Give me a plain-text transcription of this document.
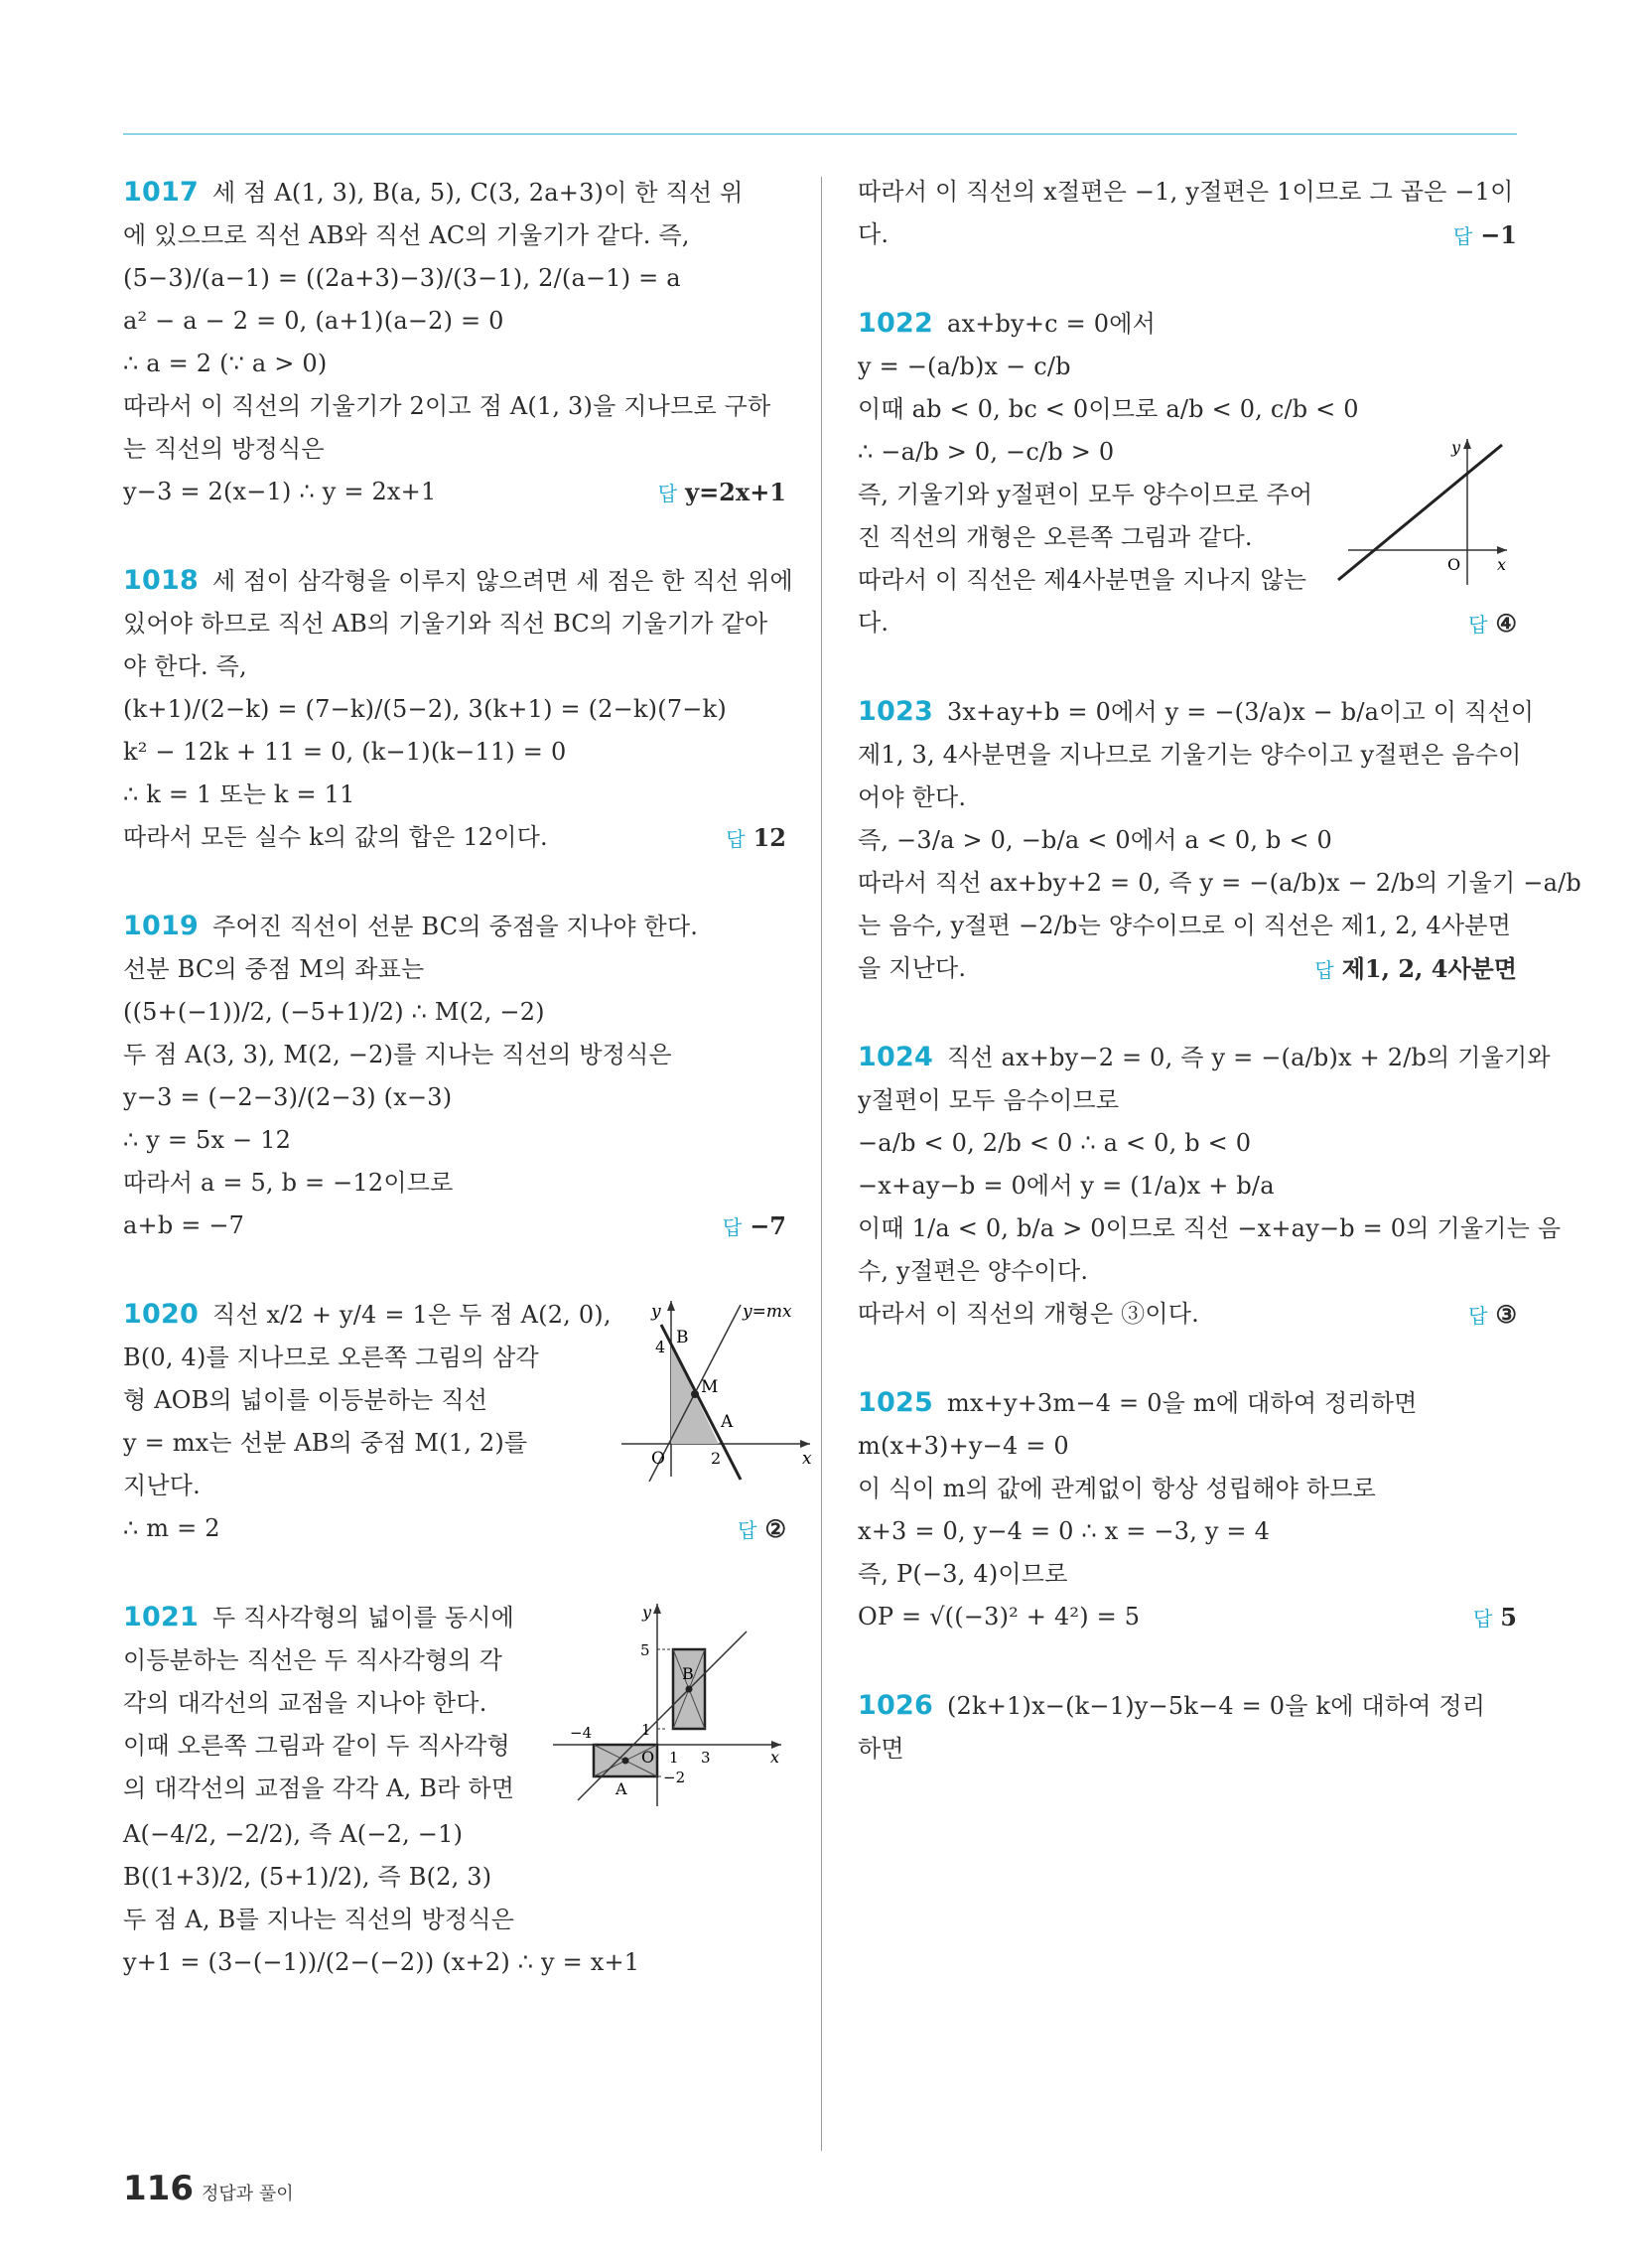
1017 세 점 A(1, 3), B(a, 5), C(3, 2a+3)이 한 직선 위
에 있으므로 직선 AB와 직선 AC의 기울기가 같다. 즉,
(5−3)/(a−1) = ((2a+3)−3)/(3−1), 2/(a−1) = a
a² − a − 2 = 0, (a+1)(a−2) = 0
∴ a = 2 (∵ a > 0)
따라서 이 직선의 기울기가 2이고 점 A(1, 3)을 지나므로 구하
는 직선의 방정식은
y−3 = 2(x−1) ∴ y = 2x+1	답 y=2x+1
1018 세 점이 삼각형을 이루지 않으려면 세 점은 한 직선 위에
있어야 하므로 직선 AB의 기울기와 직선 BC의 기울기가 같아
야 한다. 즉,
(k+1)/(2−k) = (7−k)/(5−2), 3(k+1) = (2−k)(7−k)
k² − 12k + 11 = 0, (k−1)(k−11) = 0
∴ k = 1 또는 k = 11
따라서 모든 실수 k의 값의 합은 12이다.	답 12
1019 주어진 직선이 선분 BC의 중점을 지나야 한다.
선분 BC의 중점 M의 좌표는
((5+(−1))/2, (−5+1)/2) ∴ M(2, −2)
두 점 A(3, 3), M(2, −2)를 지나는 직선의 방정식은
y−3 = (−2−3)/(2−3) (x−3)
∴ y = 5x − 12
따라서 a = 5, b = −12이므로
a+b = −7	답 −7
1020 직선 x/2 + y/4 = 1은 두 점 A(2, 0),
B(0, 4)를 지나므로 오른쪽 그림의 삼각
형 AOB의 넓이를 이등분하는 직선
y = mx는 선분 AB의 중점 M(1, 2)를
지난다.
y	y=mx
B
4
M
A
O	2	x
∴ m = 2	답 ②
1021 두 직사각형의 넓이를 동시에
이등분하는 직선은 두 직사각형의 각
각의 대각선의 교점을 지나야 한다.
이때 오른쪽 그림과 같이 두 직사각형
의 대각선의 교점을 각각 A, B라 하면
y
5
B
1
−4
O 1 3	x
−2
A
A(−4/2, −2/2), 즉 A(−2, −1)
B((1+3)/2, (5+1)/2), 즉 B(2, 3)
두 점 A, B를 지나는 직선의 방정식은
y+1 = (3−(−1))/(2−(−2)) (x+2) ∴ y = x+1
따라서 이 직선의 x절편은 −1, y절편은 1이므로 그 곱은 −1이
다.	답 −1
1022 ax+by+c = 0에서
y = −(a/b)x − c/b
이때 ab < 0, bc < 0이므로 a/b < 0, c/b < 0
∴ −a/b > 0, −c/b > 0
즉, 기울기와 y절편이 모두 양수이므로 주어
진 직선의 개형은 오른쪽 그림과 같다.
따라서 이 직선은 제4사분면을 지나지 않는
y
O x
다.	답 ④
1023 3x+ay+b = 0에서 y = −(3/a)x − b/a이고 이 직선이
제1, 3, 4사분면을 지나므로 기울기는 양수이고 y절편은 음수이
어야 한다.
즉, −3/a > 0, −b/a < 0에서 a < 0, b < 0
따라서 직선 ax+by+2 = 0, 즉 y = −(a/b)x − 2/b의 기울기 −a/b
는 음수, y절편 −2/b는 양수이므로 이 직선은 제1, 2, 4사분면
을 지난다.	답 제1, 2, 4사분면
1024 직선 ax+by−2 = 0, 즉 y = −(a/b)x + 2/b의 기울기와
y절편이 모두 음수이므로
−a/b < 0, 2/b < 0 ∴ a < 0, b < 0
−x+ay−b = 0에서 y = (1/a)x + b/a
이때 1/a < 0, b/a > 0이므로 직선 −x+ay−b = 0의 기울기는 음
수, y절편은 양수이다.
따라서 이 직선의 개형은 ③이다.	답 ③
1025 mx+y+3m−4 = 0을 m에 대하여 정리하면
m(x+3)+y−4 = 0
이 식이 m의 값에 관계없이 항상 성립해야 하므로
x+3 = 0, y−4 = 0 ∴ x = −3, y = 4
즉, P(−3, 4)이므로
OP = √((−3)² + 4²) = 5	답 5
1026 (2k+1)x−(k−1)y−5k−4 = 0을 k에 대하여 정리
하면
116 정답과 풀이
